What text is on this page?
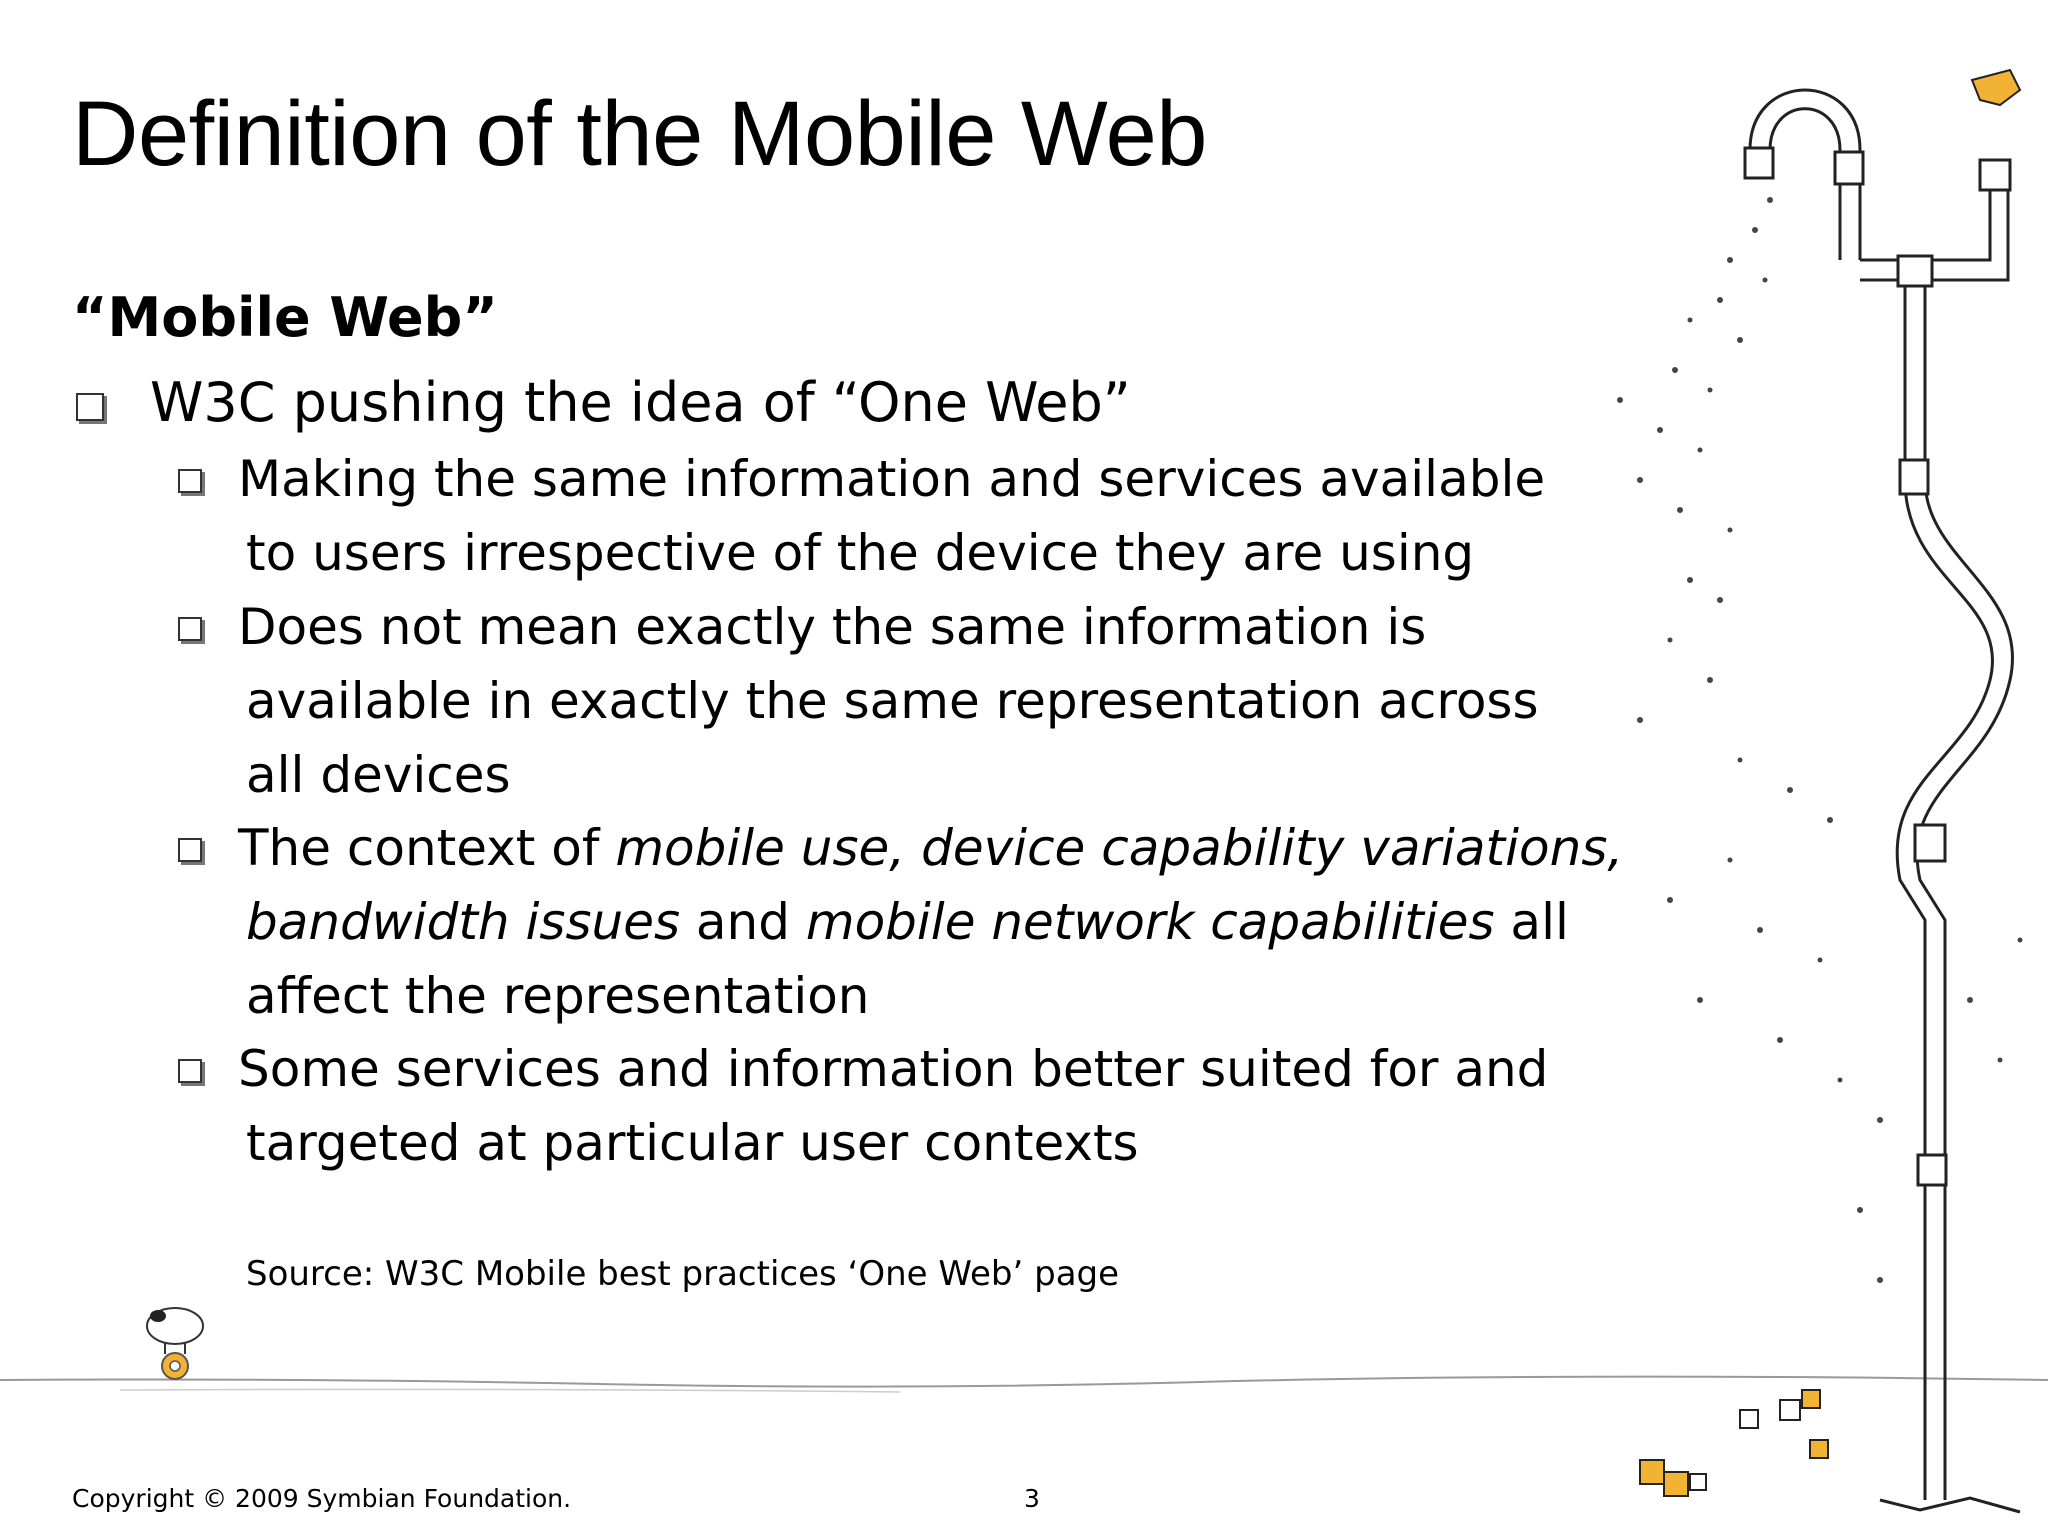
Definition of the Mobile Web
“Mobile Web”
W3C pushing the idea of “One Web”
Making the same information and services available
to users irrespective of the device they are using
Does not mean exactly the same information is
available in exactly the same representation across
all devices
The context of mobile use, device capability variations,
bandwidth issues and mobile network capabilities all
affect the representation
Some services and information better suited for and
targeted at particular user contexts
Source: W3C Mobile best practices ‘One Web’ page
Copyright © 2009 Symbian Foundation.	3
